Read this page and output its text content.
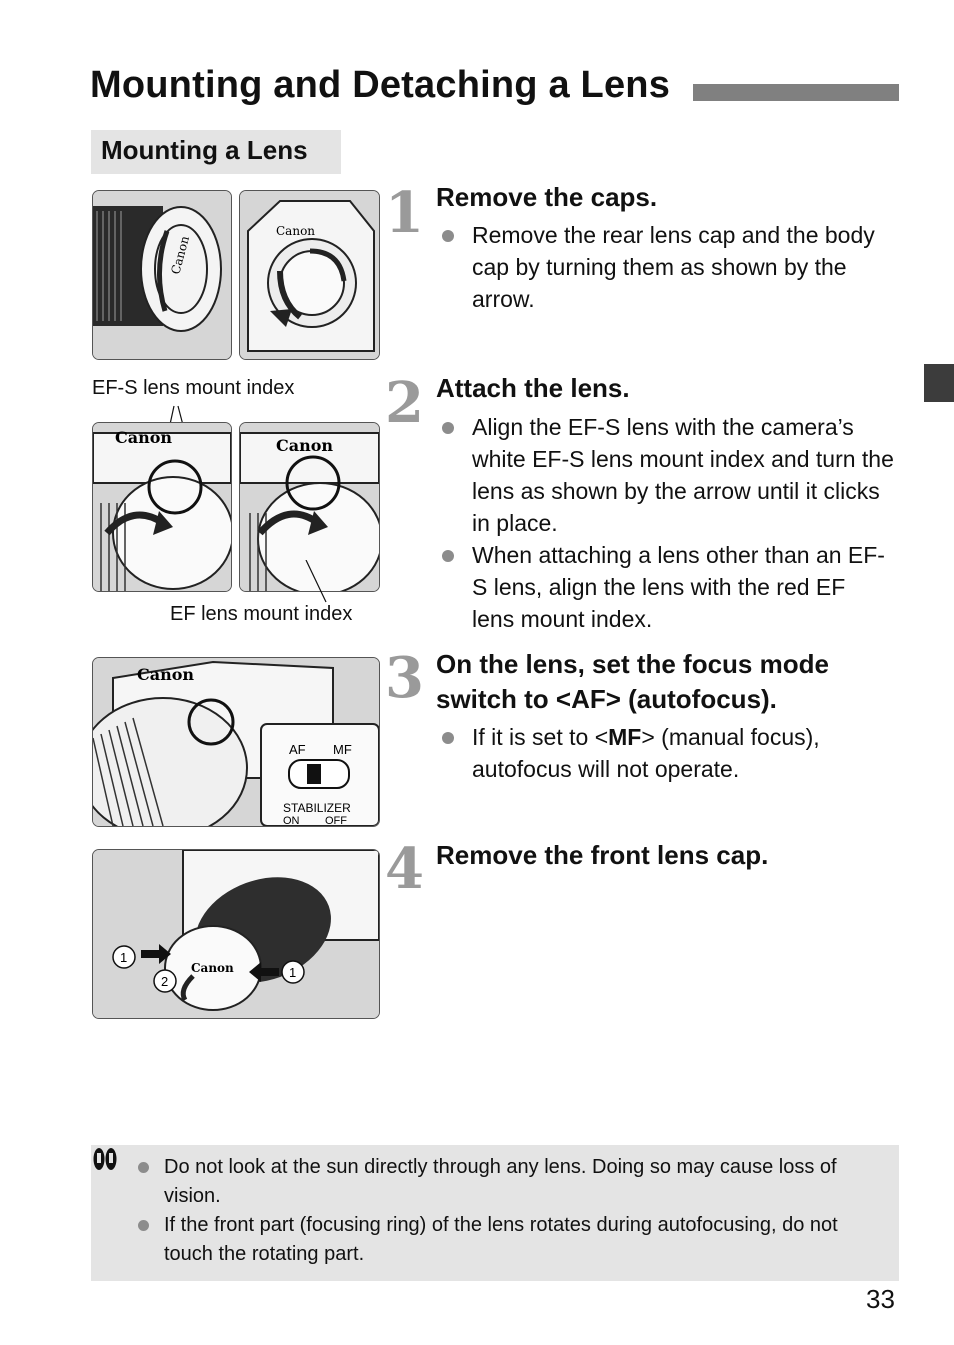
Mounting and Detaching a Lens
Mounting a Lens
Canon
Canon
EF-S lens mount index
Canon	Canon
EF lens mount index
Canon
AF MF
STABILIZER
ON OFF
Canon
1
2
1
1 Remove the caps.
Remove the rear lens cap and the body cap by turning them as shown by the arrow.
2 Attach the lens.
Align the EF-S lens with the camera’s white EF-S lens mount index and turn the lens as shown by the arrow until it clicks in place.
When attaching a lens other than an EF-S lens, align the lens with the red EF lens mount index.
3 On the lens, set the focus mode switch to <AF> (autofocus).
If it is set to <MF> (manual focus), autofocus will not operate.
4 Remove the front lens cap.
Do not look at the sun directly through any lens. Doing so may cause loss of vision.
If the front part (focusing ring) of the lens rotates during autofocusing, do not touch the rotating part.
33
